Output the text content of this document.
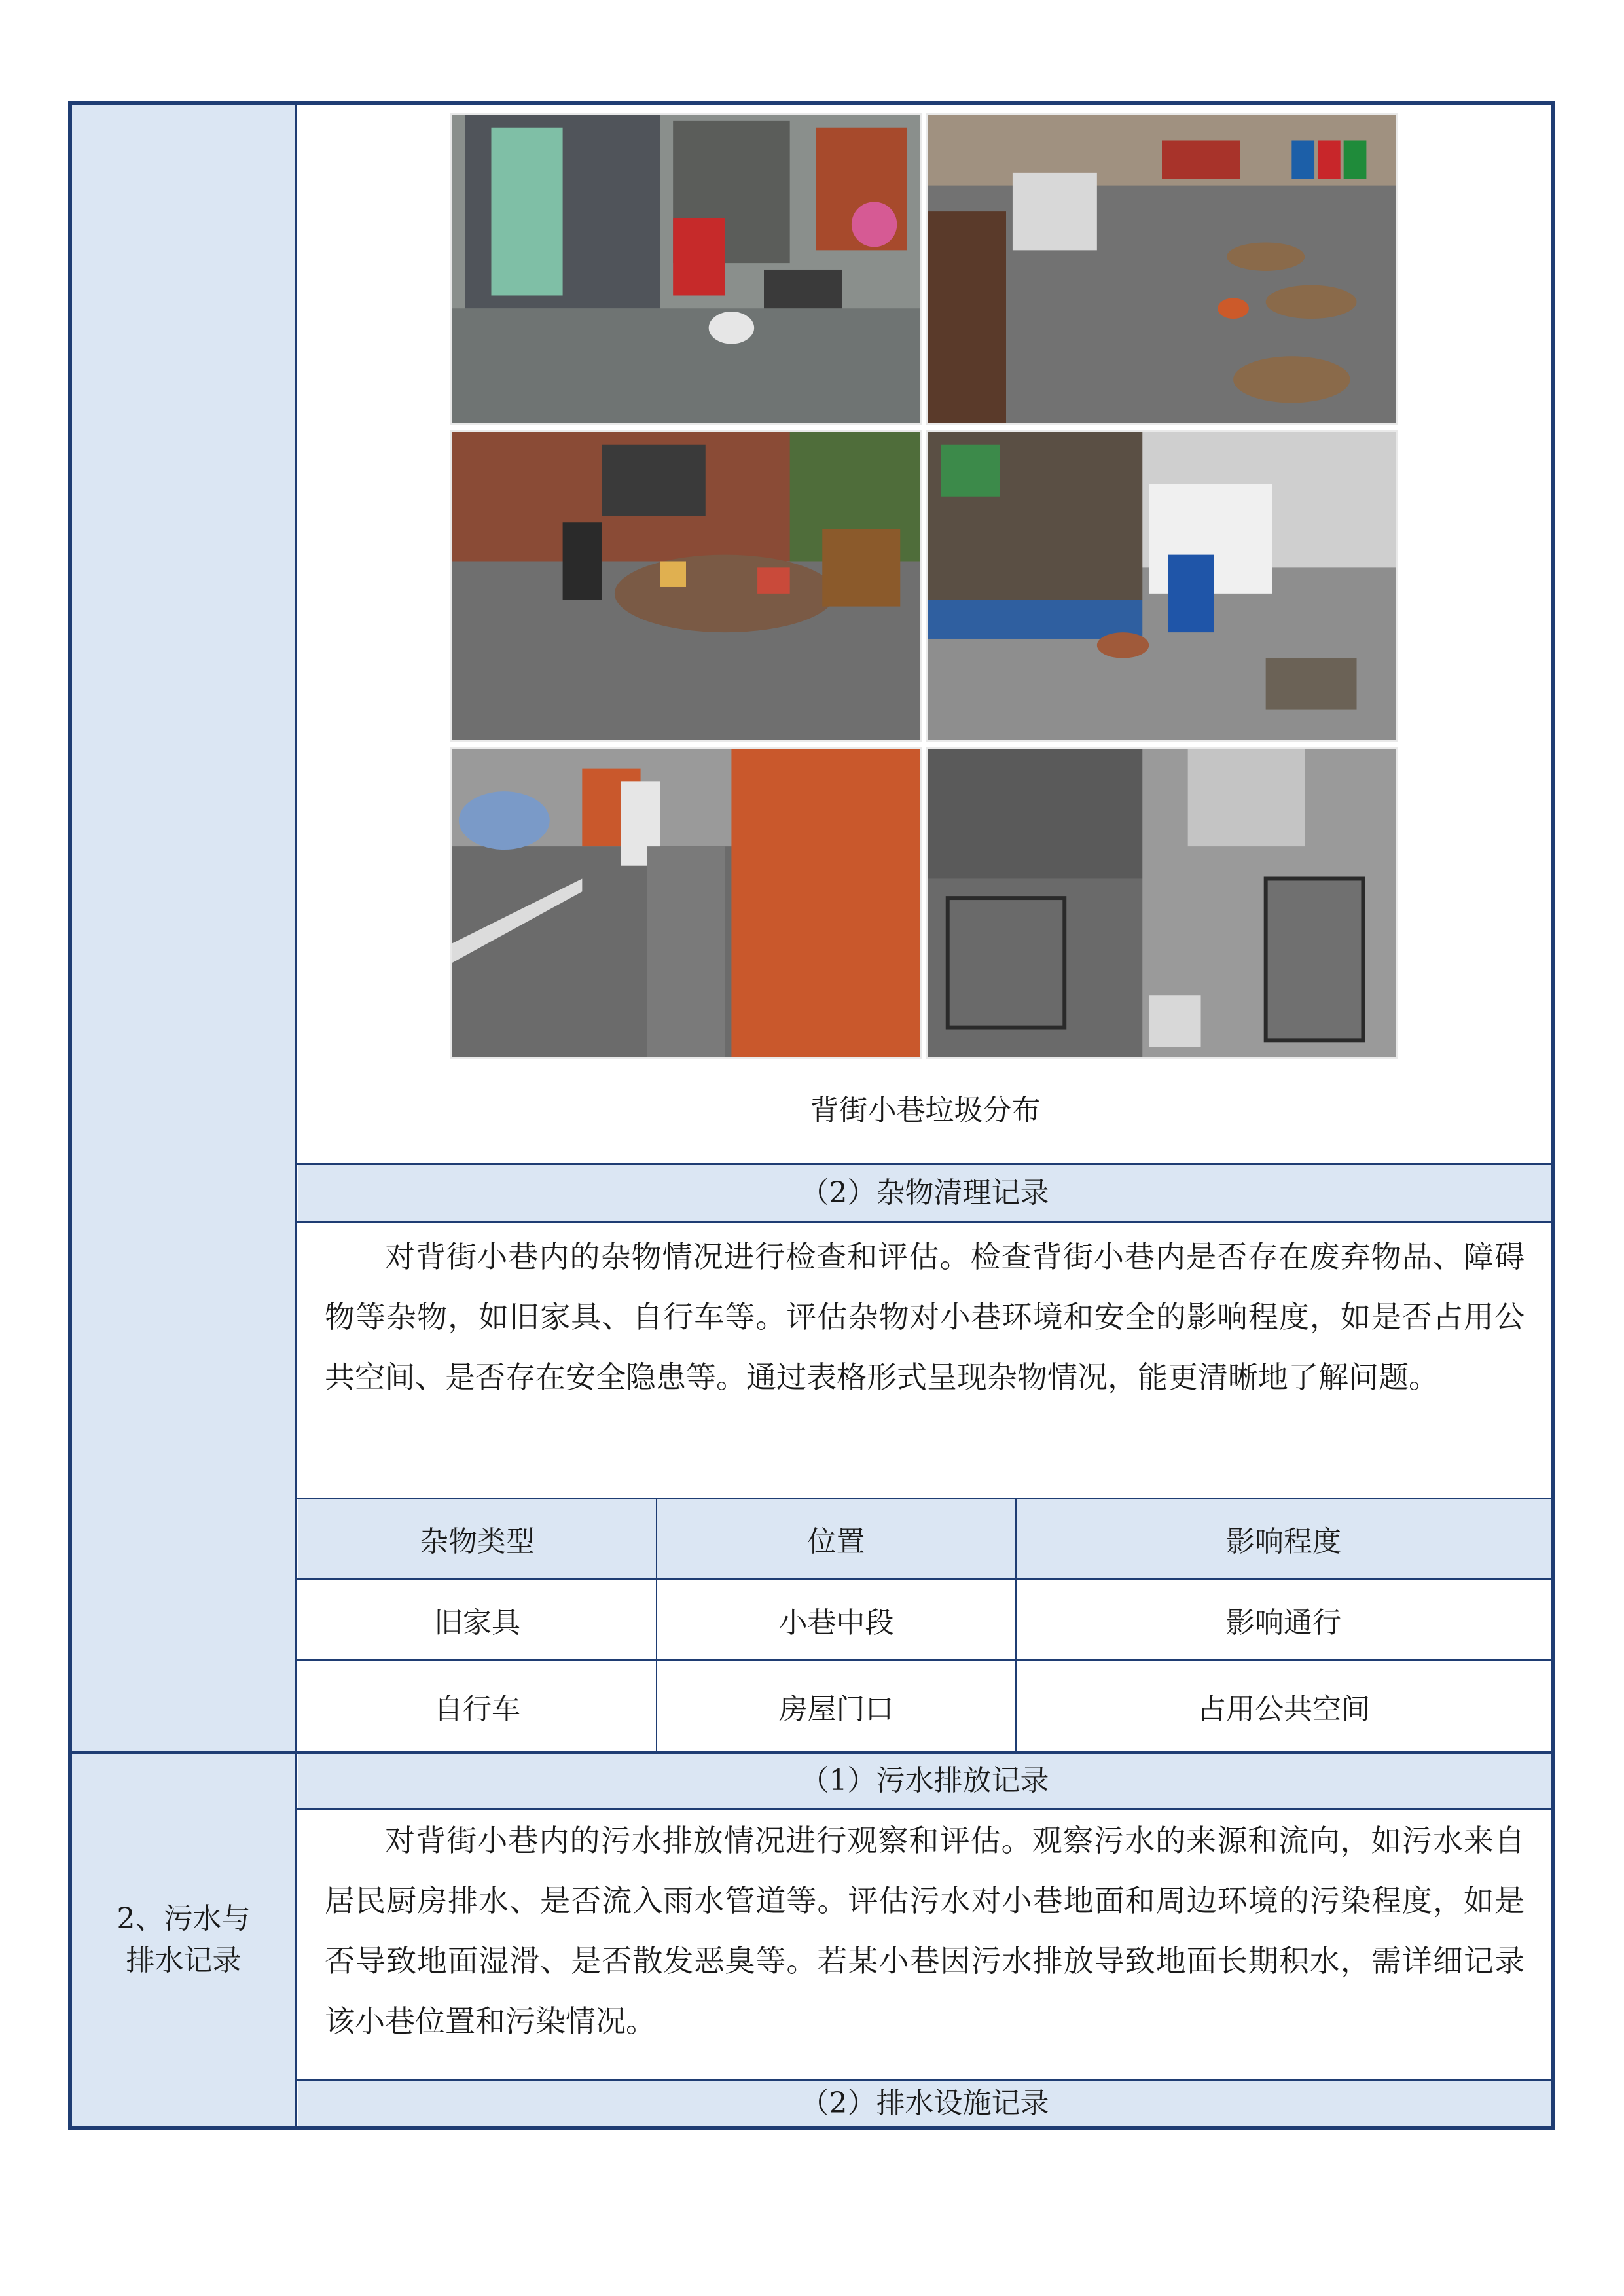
2、污水与
排水记录
背街小巷垃圾分布
（2）杂物清理记录
对背街小巷内的杂物情况进行检查和评估。检查背街小巷内是否存在废弃物品、障碍物等杂物，如旧家具、自行车等。评估杂物对小巷环境和安全的影响程度，如是否占用公共空间、是否存在安全隐患等。通过表格形式呈现杂物情况，能更清晰地了解问题。
杂物类型	位置	影响程度
旧家具	小巷中段	影响通行
自行车	房屋门口	占用公共空间
（1）污水排放记录
对背街小巷内的污水排放情况进行观察和评估。观察污水的来源和流向，如污水来自居民厨房排水、是否流入雨水管道等。评估污水对小巷地面和周边环境的污染程度，如是否导致地面湿滑、是否散发恶臭等。若某小巷因污水排放导致地面长期积水，需详细记录该小巷位置和污染情况。
（2）排水设施记录
